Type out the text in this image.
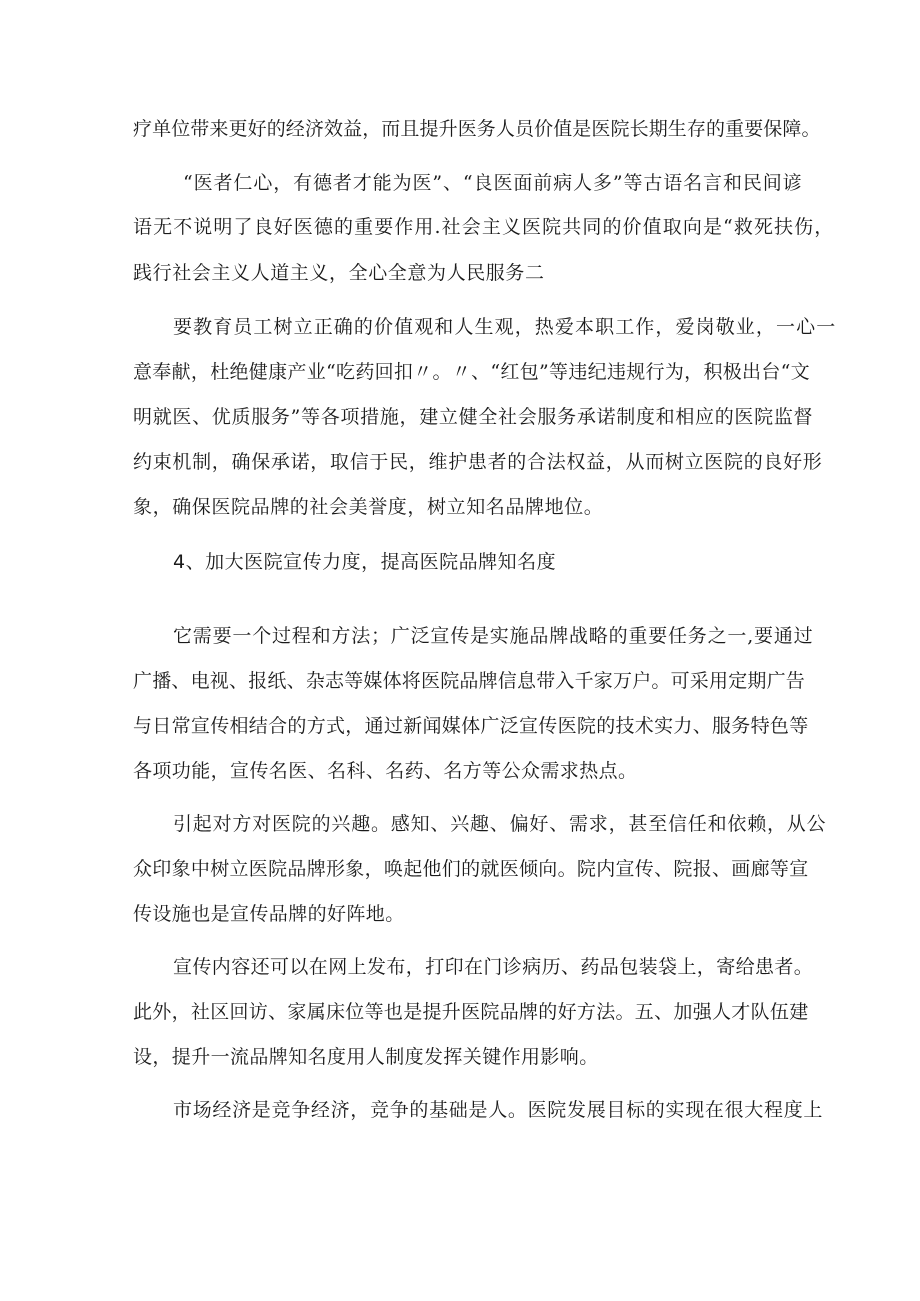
疗单位带来更好的经济效益，而且提升医务人员价值是医院长期生存的重要保障。
“医者仁心，有德者才能为医”、“良医面前病人多”等古语名言和民间谚
语无不说明了良好医德的重要作用.社会主义医院共同的价值取向是“救死扶伤，
践行社会主义人道主义，全心全意为人民服务二
要教育员工树立正确的价值观和人生观，热爱本职工作，爱岗敬业，一心一
意奉献，杜绝健康产业“吃药回扣〃。〃、“红包”等违纪违规行为，积极出台“文
明就医、优质服务”等各项措施，建立健全社会服务承诺制度和相应的医院监督
约束机制，确保承诺，取信于民，维护患者的合法权益，从而树立医院的良好形
象，确保医院品牌的社会美誉度，树立知名品牌地位。
4、加大医院宣传力度，提高医院品牌知名度
它需要一个过程和方法；广泛宣传是实施品牌战略的重要任务之一,要通过
广播、电视、报纸、杂志等媒体将医院品牌信息带入千家万户。可采用定期广告
与日常宣传相结合的方式，通过新闻媒体广泛宣传医院的技术实力、服务特色等
各项功能，宣传名医、名科、名药、名方等公众需求热点。
引起对方对医院的兴趣。感知、兴趣、偏好、需求，甚至信任和依赖，从公
众印象中树立医院品牌形象，唤起他们的就医倾向。院内宣传、院报、画廊等宣
传设施也是宣传品牌的好阵地。
宣传内容还可以在网上发布，打印在门诊病历、药品包装袋上，寄给患者。
此外，社区回访、家属床位等也是提升医院品牌的好方法。五、加强人才队伍建
设，提升一流品牌知名度用人制度发挥关键作用影响。
市场经济是竞争经济，竞争的基础是人。医院发展目标的实现在很大程度上
